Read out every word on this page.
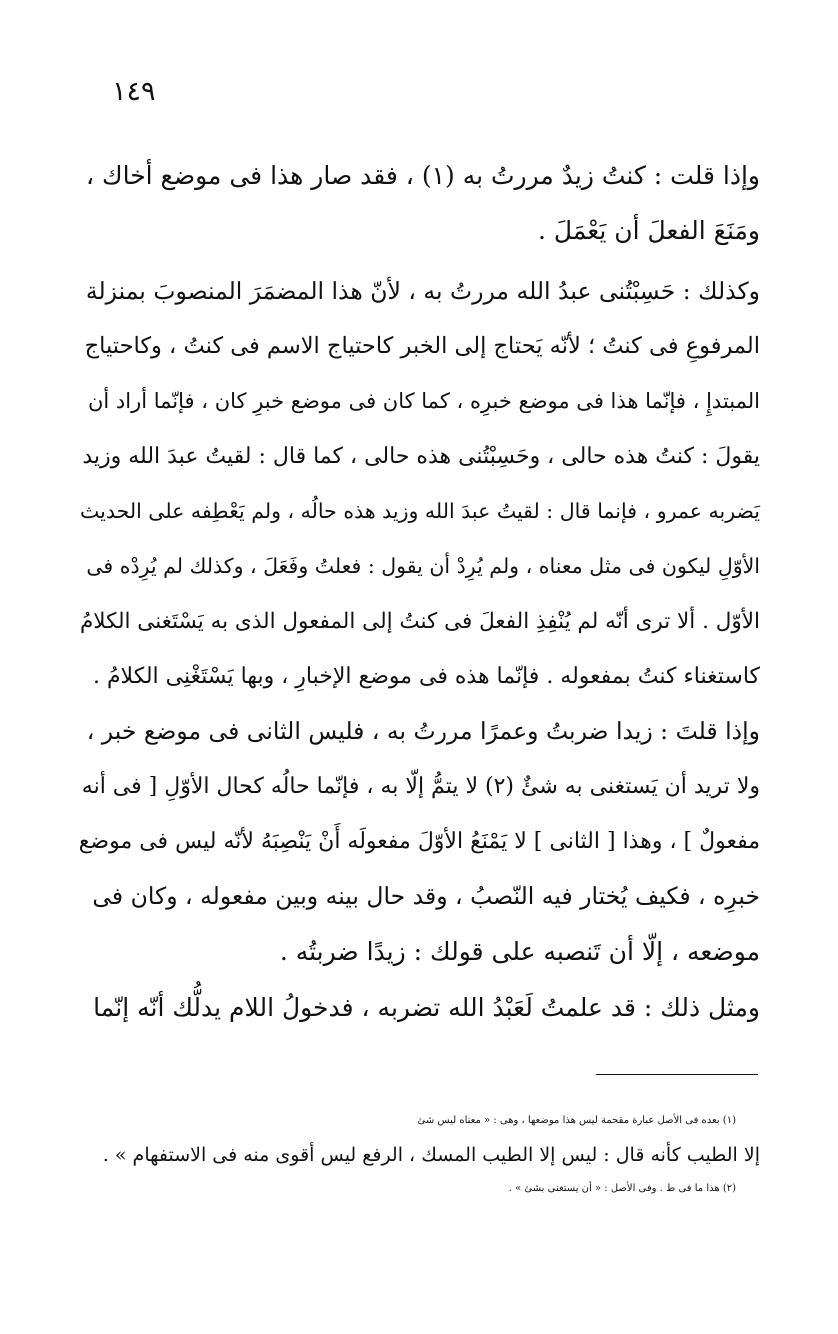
١٤٩
وإذا قلت : كنتُ زيدٌ مررتُ به (١) ، فقد صار هذا فى موضع أخاك ،
ومَنَعَ الفعلَ أن يَعْمَلَ .
وكذلك : حَسِبْتُنى عبدُ الله مررتُ به ، لأنّ هذا المضمَرَ المنصوبَ بمنزلة
المرفوعِ فى كنتُ ؛ لأنّه يَحتاج إلى الخبر كاحتياج الاسم فى كنتُ ، وكاحتياج
المبتدإِ ، فإنّما هذا فى موضع خبرِه ، كما كان فى موضع خبرِ كان ، فإنّما أراد أن
يقولَ : كنتُ هذه حالى ، وحَسِبْتُنى هذه حالى ، كما قال : لقيتُ عبدَ الله وزيد
يَضربه عمرو ، فإنما قال : لقيتُ عبدَ الله وزيد هذه حالُه ، ولم يَعْطِفه على الحديث
الأوّلِ ليكون فى مثل معناه ، ولم يُرِدْ أن يقول : فعلتُ وفَعَلَ ، وكذلك لم يُرِدْه فى
الأوّل . ألا ترى أنّه لم يُنْفِذِ الفعلَ فى كنتُ إلى المفعول الذى به يَسْتَغنى الكلامُ
كاستغناء كنتُ بمفعوله . فإنّما هذه فى موضع الإخبارِ ، وبها يَسْتَغْنِى الكلامُ .
وإذا قلتَ : زيدا ضربتُ وعمرًا مررتُ به ، فليس الثانى فى موضع خبر ،
ولا تريد أن يَستغنى به شئٌ (٢) لا يتمُّ إلّا به ، فإنّما حالُه كحال الأوّلِ [ فى أنه
مفعولٌ ] ، وهذا [ الثانى ] لا يَمْنَعُ الأوّلَ مفعولَه أَنْ يَنْصِبَهُ لأنّه ليس فى موضع
خبرِه ، فكيف يُختار فيه النّصبُ ، وقد حال بينه وبين مفعوله ، وكان فى
موضعه ، إلّا أن تَنصبه على قولك : زيدًا ضربتُه .
ومثل ذلك : قد علمتُ لَعَبْدُ الله تضربه ، فدخولُ اللام يدلُّك أنّه إنّما
(١) بعده فى الأصل عبارة مقحمة ليس هذا موضعها ، وهى : « معناه ليس شئ
إلا الطيب كأنه قال : ليس إلا الطيب المسك ، الرفع ليس أقوى منه فى الاستفهام » .
(٢) هذا ما فى ط . وفى الأصل : « أن يستغنى بشئ » .
